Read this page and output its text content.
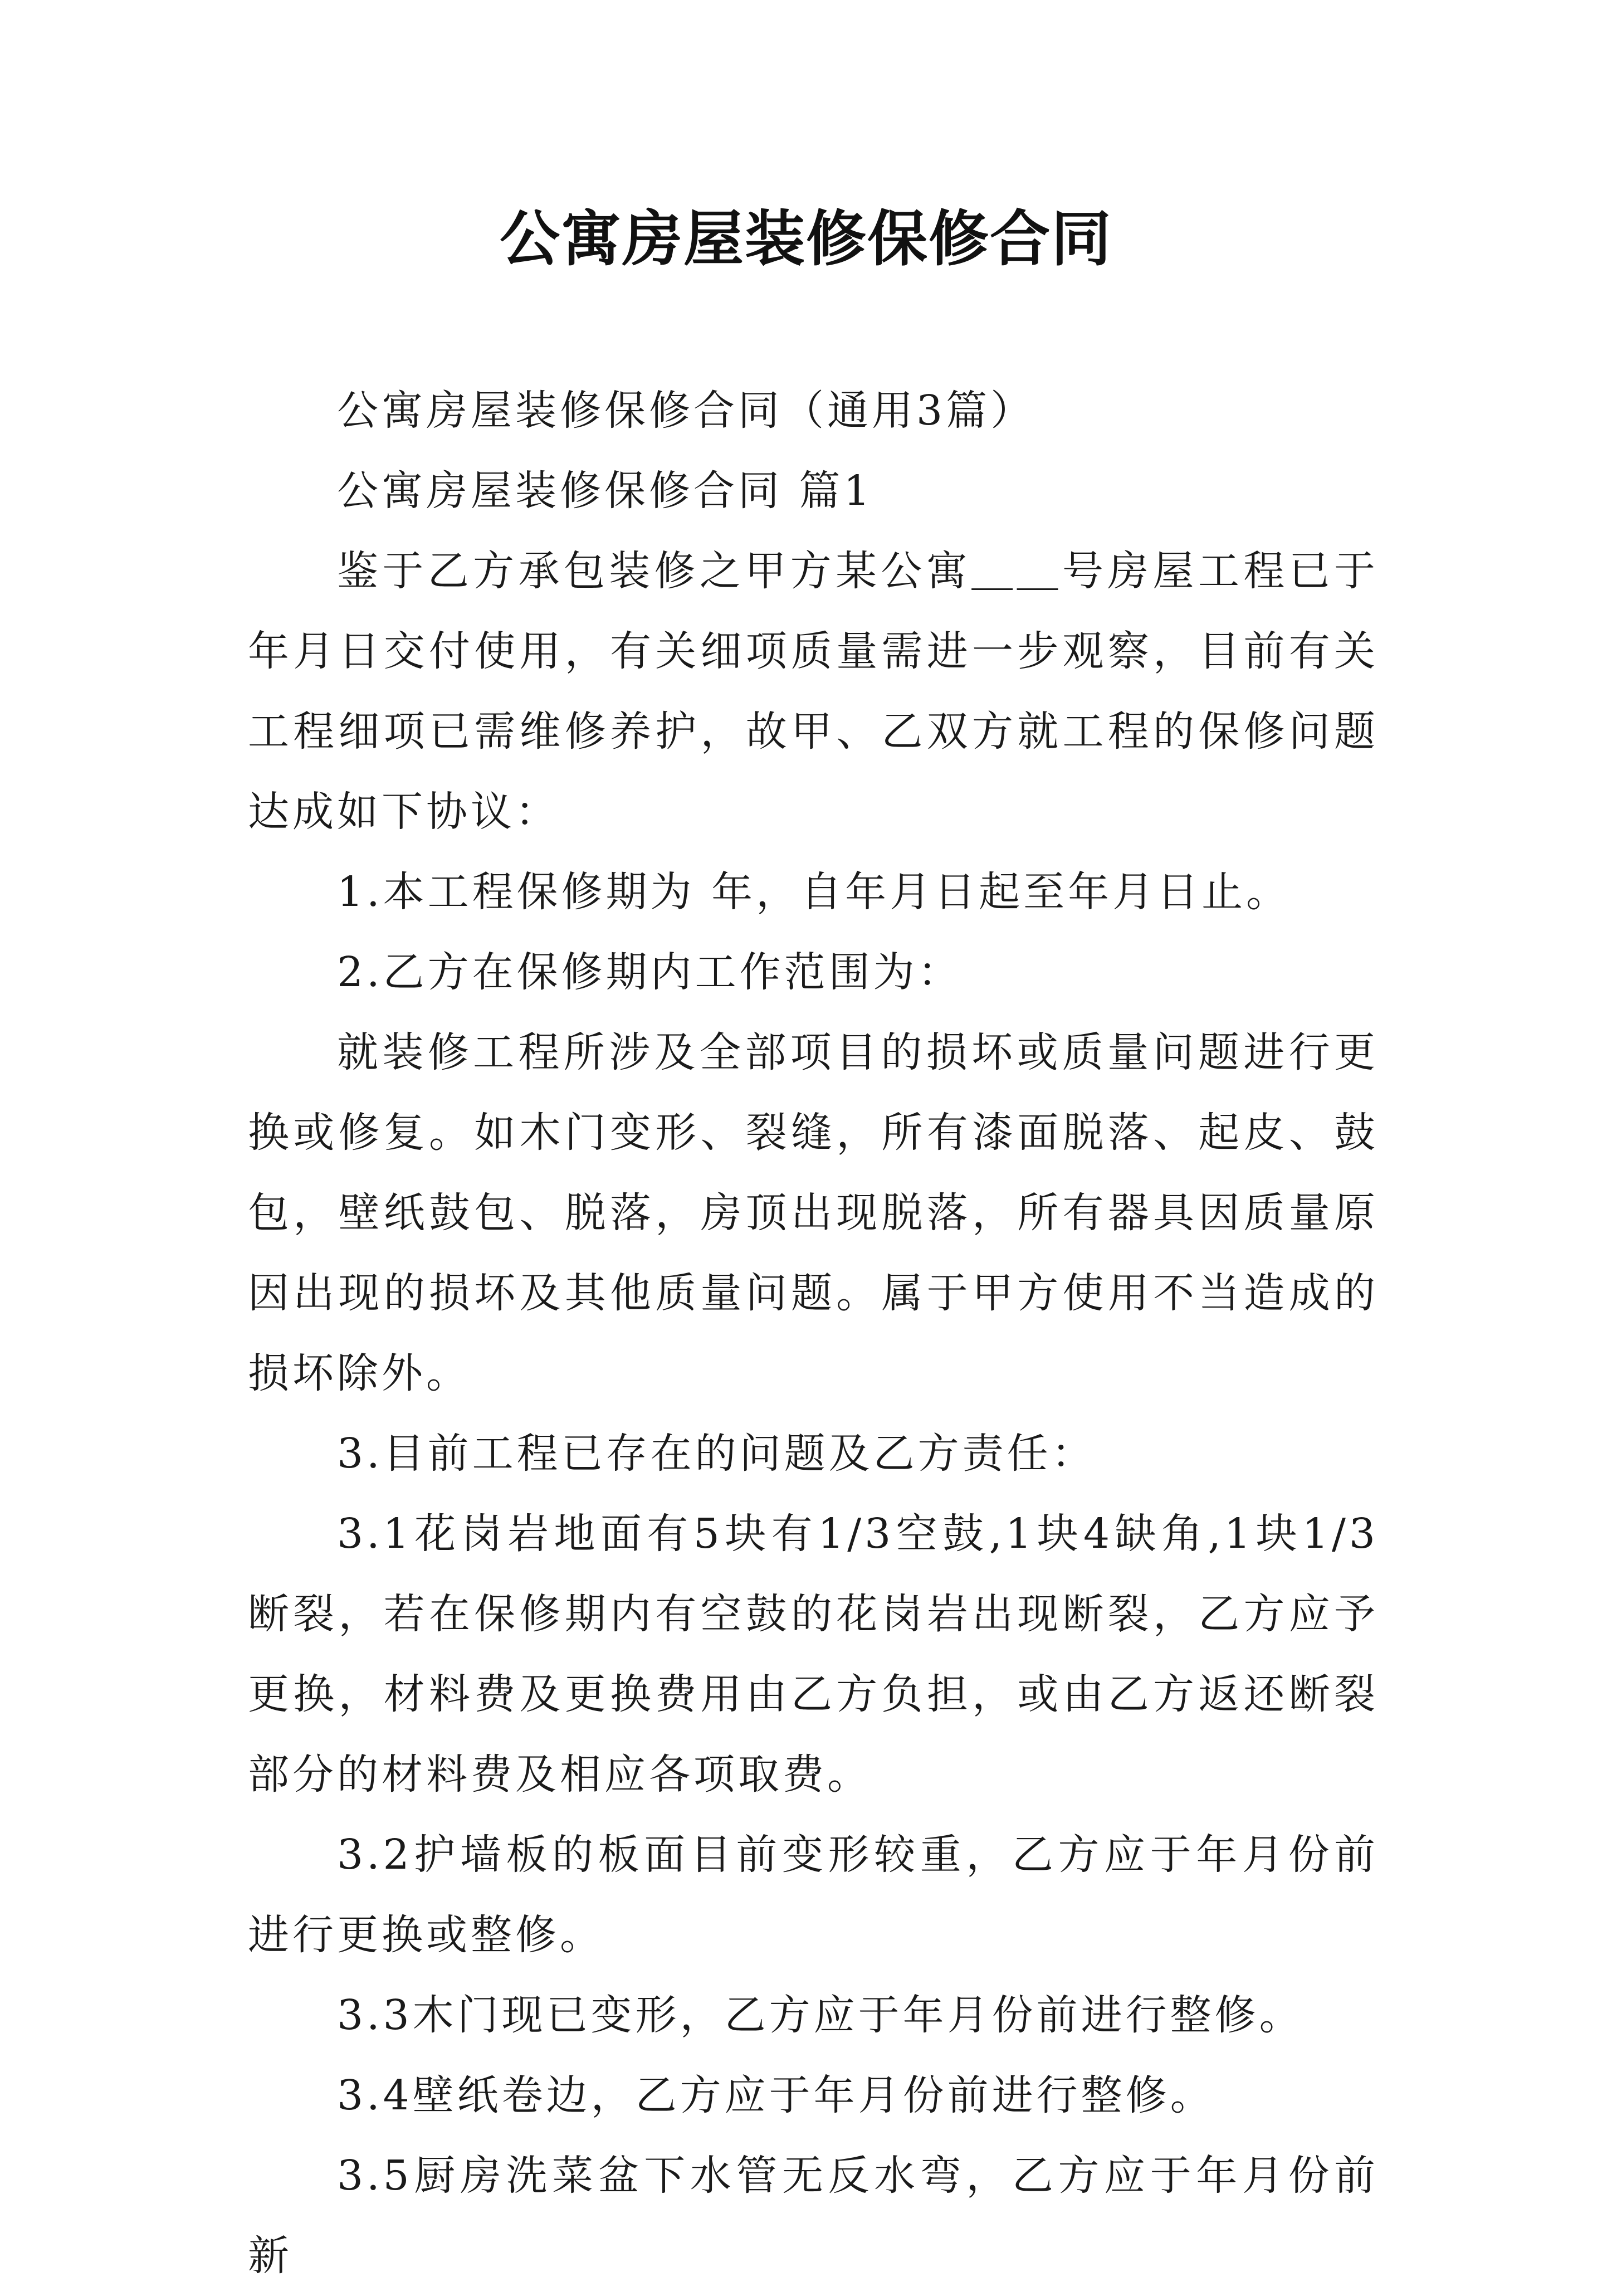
公寓房屋装修保修合同

公寓房屋装修保修合同（通用3篇）

公寓房屋装修保修合同 篇1

鉴于乙方承包装修之甲方某公寓＿＿号房屋工程已于年月日交付使用，有关细项质量需进一步观察，目前有关工程细项已需维修养护，故甲、乙双方就工程的保修问题达成如下协议：

1.本工程保修期为 年，自年月日起至年月日止。

2.乙方在保修期内工作范围为：

就装修工程所涉及全部项目的损坏或质量问题进行更换或修复。如木门变形、裂缝，所有漆面脱落、起皮、鼓包，壁纸鼓包、脱落，房顶出现脱落，所有器具因质量原因出现的损坏及其他质量问题。属于甲方使用不当造成的损坏除外。

3.目前工程已存在的问题及乙方责任：

3.1花岗岩地面有5块有1/3空鼓,1块4缺角,1块1/3断裂，若在保修期内有空鼓的花岗岩出现断裂，乙方应予更换，材料费及更换费用由乙方负担，或由乙方返还断裂部分的材料费及相应各项取费。

3.2护墙板的板面目前变形较重，乙方应于年月份前进行更换或整修。

3.3木门现已变形，乙方应于年月份前进行整修。

3.4壁纸卷边，乙方应于年月份前进行整修。

3.5厨房洗菜盆下水管无反水弯，乙方应于年月份前新
